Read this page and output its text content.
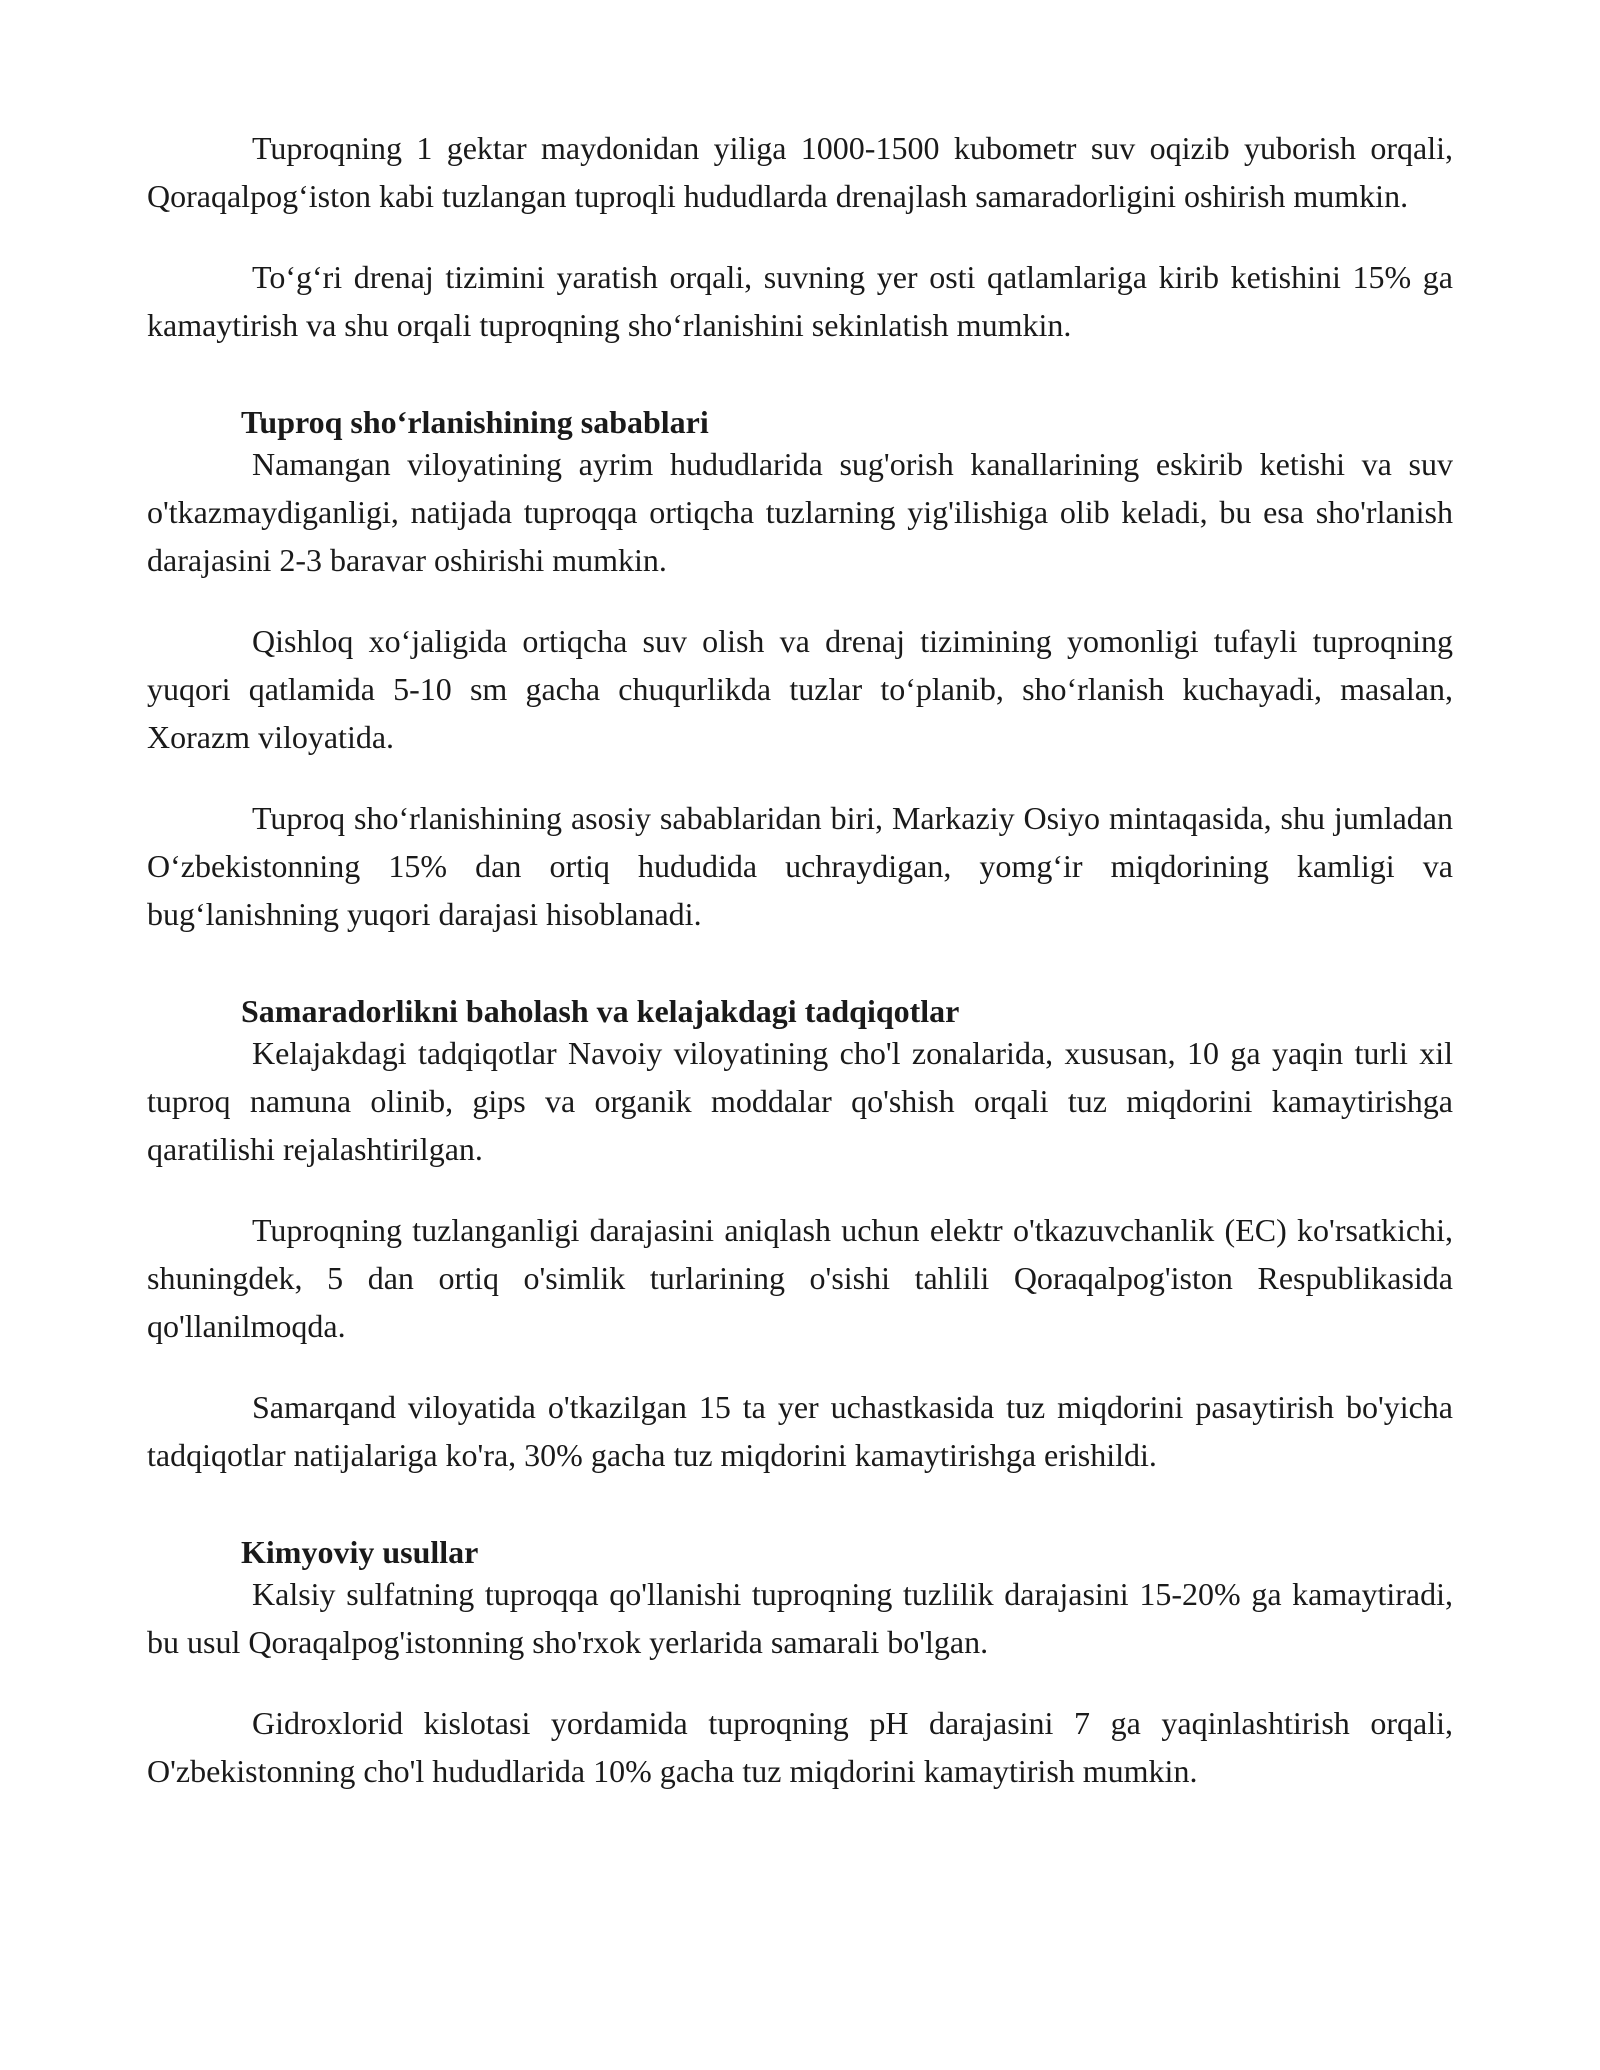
Tuproqning 1 gektar maydonidan yiliga 1000-1500 kubometr suv oqizib yuborish orqali, Qoraqalpog‘iston kabi tuzlangan tuproqli hududlarda drenajlash samaradorligini oshirish mumkin.

To‘g‘ri drenaj tizimini yaratish orqali, suvning yer osti qatlamlariga kirib ketishini 15% ga kamaytirish va shu orqali tuproqning sho‘rlanishini sekinlatish mumkin.

Tuproq sho‘rlanishining sabablari

Namangan viloyatining ayrim hududlarida sug'orish kanallarining eskirib ketishi va suv o'tkazmaydiganligi, natijada tuproqqa ortiqcha tuzlarning yig'ilishiga olib keladi, bu esa sho'rlanish darajasini 2-3 baravar oshirishi mumkin.

Qishloq xo‘jaligida ortiqcha suv olish va drenaj tizimining yomonligi tufayli tuproqning yuqori qatlamida 5-10 sm gacha chuqurlikda tuzlar to‘planib, sho‘rlanish kuchayadi, masalan, Xorazm viloyatida.

Tuproq sho‘rlanishining asosiy sabablaridan biri, Markaziy Osiyo mintaqasida, shu jumladan O‘zbekistonning 15% dan ortiq hududida uchraydigan, yomg‘ir miqdorining kamligi va bug‘lanishning yuqori darajasi hisoblanadi.

Samaradorlikni baholash va kelajakdagi tadqiqotlar

Kelajakdagi tadqiqotlar Navoiy viloyatining cho'l zonalarida, xususan, 10 ga yaqin turli xil tuproq namuna olinib, gips va organik moddalar qo'shish orqali tuz miqdorini kamaytirishga qaratilishi rejalashtirilgan.

Tuproqning tuzlanganligi darajasini aniqlash uchun elektr o'tkazuvchanlik (EC) ko'rsatkichi, shuningdek, 5 dan ortiq o'simlik turlarining o'sishi tahlili Qoraqalpog'iston Respublikasida qo'llanilmoqda.

Samarqand viloyatida o'tkazilgan 15 ta yer uchastkasida tuz miqdorini pasaytirish bo'yicha tadqiqotlar natijalariga ko'ra, 30% gacha tuz miqdorini kamaytirishga erishildi.

Kimyoviy usullar

Kalsiy sulfatning tuproqqa qo'llanishi tuproqning tuzlilik darajasini 15-20% ga kamaytiradi, bu usul Qoraqalpog'istonning sho'rxok yerlarida samarali bo'lgan.

Gidroxlorid kislotasi yordamida tuproqning pH darajasini 7 ga yaqinlashtirish orqali, O'zbekistonning cho'l hududlarida 10% gacha tuz miqdorini kamaytirish mumkin.
